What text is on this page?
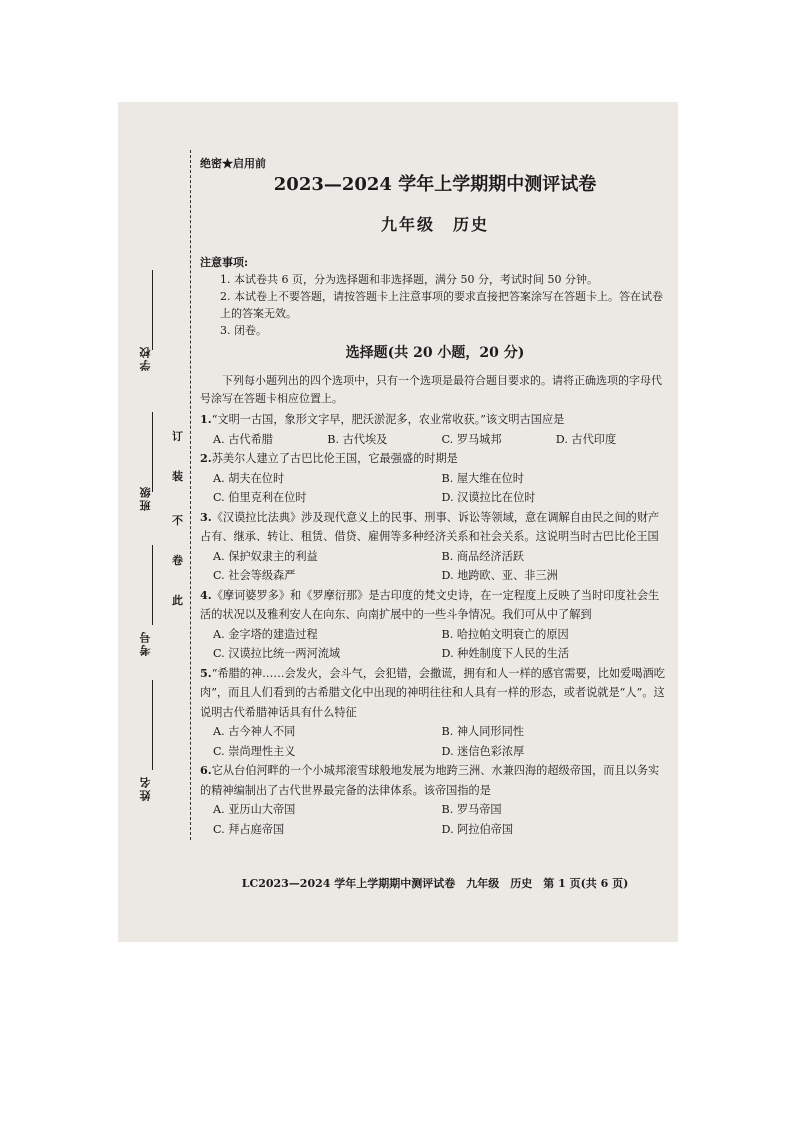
学校
班级
考号
姓名
订
装
不
卷
此
绝密★启用前
2023—2024 学年上学期期中测评试卷
九年级　历史
注意事项:
1. 本试卷共 6 页，分为选择题和非选择题，满分 50 分，考试时间 50 分钟。
2. 本试卷上不要答题，请按答题卡上注意事项的要求直接把答案涂写在答题卡上。答在试卷上的答案无效。
3. 闭卷。
选择题(共 20 小题，20 分)
下列每小题列出的四个选项中，只有一个选项是最符合题目要求的。请将正确选项的字母代号涂写在答题卡相应位置上。
1.“文明一古国，象形文字早，肥沃淤泥多，农业常收获。”该文明古国应是
A. 古代希腊	B. 古代埃及	C. 罗马城邦	D. 古代印度
2.苏美尔人建立了古巴比伦王国，它最强盛的时期是
A. 胡夫在位时	B. 屋大维在位时
C. 伯里克利在位时	D. 汉谟拉比在位时
3.《汉谟拉比法典》涉及现代意义上的民事、刑事、诉讼等领域，意在调解自由民之间的财产占有、继承、转让、租赁、借贷、雇佣等多种经济关系和社会关系。这说明当时古巴比伦王国
A. 保护奴隶主的利益	B. 商品经济活跃
C. 社会等级森严	D. 地跨欧、亚、非三洲
4.《摩诃婆罗多》和《罗摩衍那》是古印度的梵文史诗，在一定程度上反映了当时印度社会生活的状况以及雅利安人在向东、向南扩展中的一些斗争情况。我们可从中了解到
A. 金字塔的建造过程	B. 哈拉帕文明衰亡的原因
C. 汉谟拉比统一两河流域	D. 种姓制度下人民的生活
5.“希腊的神……会发火，会斗气，会犯错，会撒谎，拥有和人一样的感官需要，比如爱喝酒吃肉”，而且人们看到的古希腊文化中出现的神明往往和人具有一样的形态，或者说就是“人”。这说明古代希腊神话具有什么特征
A. 古今神人不同	B. 神人同形同性
C. 崇尚理性主义	D. 迷信色彩浓厚
6.它从台伯河畔的一个小城邦滚雪球般地发展为地跨三洲、水兼四海的超级帝国，而且以务实的精神编制出了古代世界最完备的法律体系。该帝国指的是
A. 亚历山大帝国	B. 罗马帝国
C. 拜占庭帝国	D. 阿拉伯帝国
LC2023—2024 学年上学期期中测评试卷　九年级　历史　第 1 页(共 6 页)
